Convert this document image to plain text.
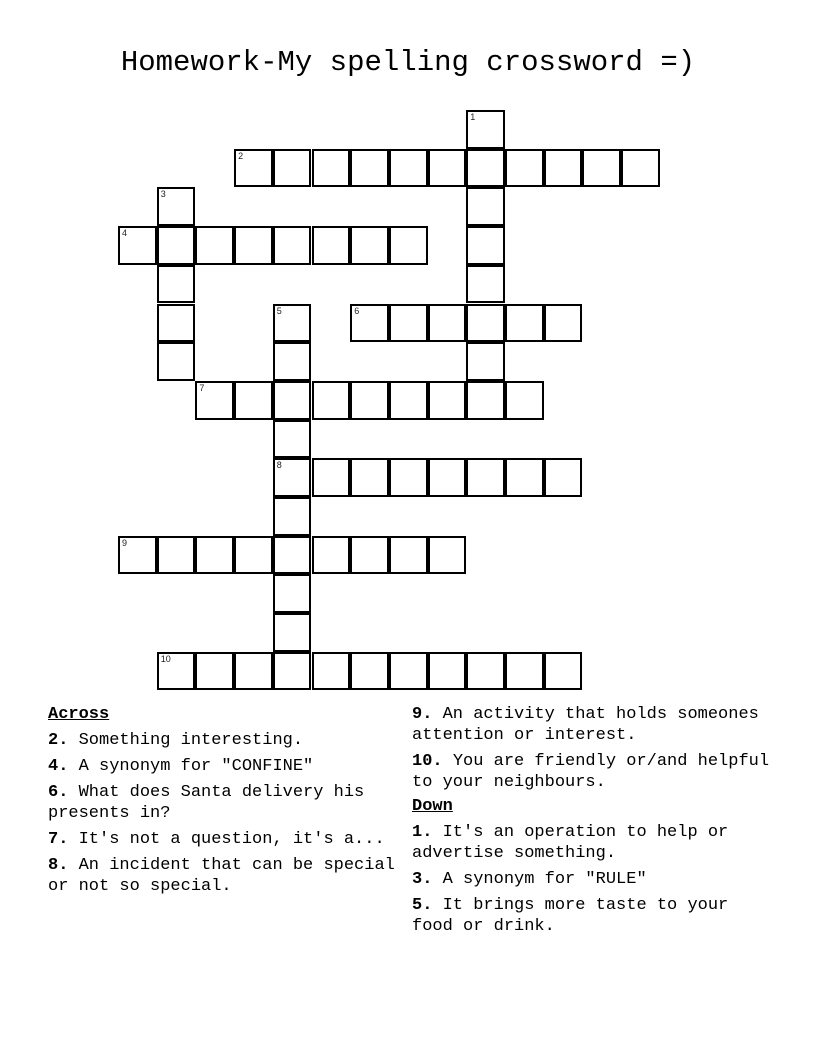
Homework-My spelling crossword =)
1
2
3
4
5
8
6
7
9
10
Across
2. Something interesting.
4. A synonym for "CONFINE"
6. What does Santa delivery his presents in?
7. It's not a question, it's a...
8. An incident that can be special or not so special.
9. An activity that holds someones attention or interest.
10. You are friendly or/and helpful to your neighbours.
Down
1. It's an operation to help or advertise something.
3. A synonym for "RULE"
5. It brings more taste to your food or drink.
